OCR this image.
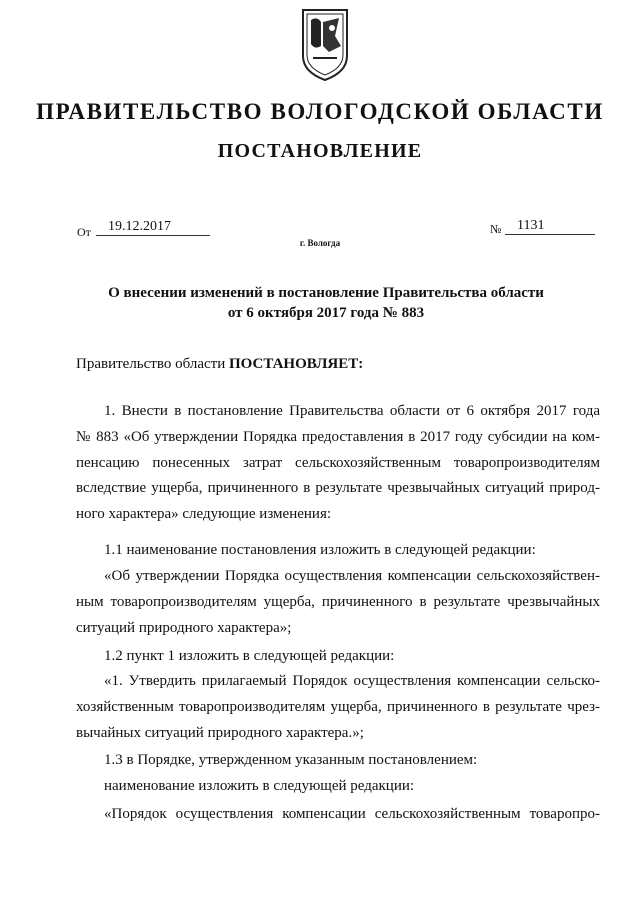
ПРАВИТЕЛЬСТВО ВОЛОГОДСКОЙ ОБЛАСТИ
ПОСТАНОВЛЕНИЕ
От	19.12.2017	№	1131
г. Вологда
О внесении изменений в постановление Правительства области
от 6 октября 2017 года № 883
Правительство области ПОСТАНОВЛЯЕТ:
1. Внести в постановление Правительства области от 6 октября 2017 года
№ 883 «Об утверждении Порядка предоставления в 2017 году субсидии на ком-
пенсацию понесенных затрат сельскохозяйственным товаропроизводителям
вследствие ущерба, причиненного в результате чрезвычайных ситуаций природ-
ного характера» следующие изменения:
1.1 наименование постановления изложить в следующей редакции:
«Об утверждении Порядка осуществления компенсации сельскохозяйствен-
ным товаропроизводителям ущерба, причиненного в результате чрезвычайных
ситуаций природного характера»;
1.2 пункт 1 изложить в следующей редакции:
«1. Утвердить прилагаемый Порядок осуществления компенсации сельско-
хозяйственным товаропроизводителям ущерба, причиненного в результате чрез-
вычайных ситуаций природного характера.»;
1.3 в Порядке, утвержденном указанным постановлением:
наименование изложить в следующей редакции:
«Порядок осуществления компенсации сельскохозяйственным товаропро-
